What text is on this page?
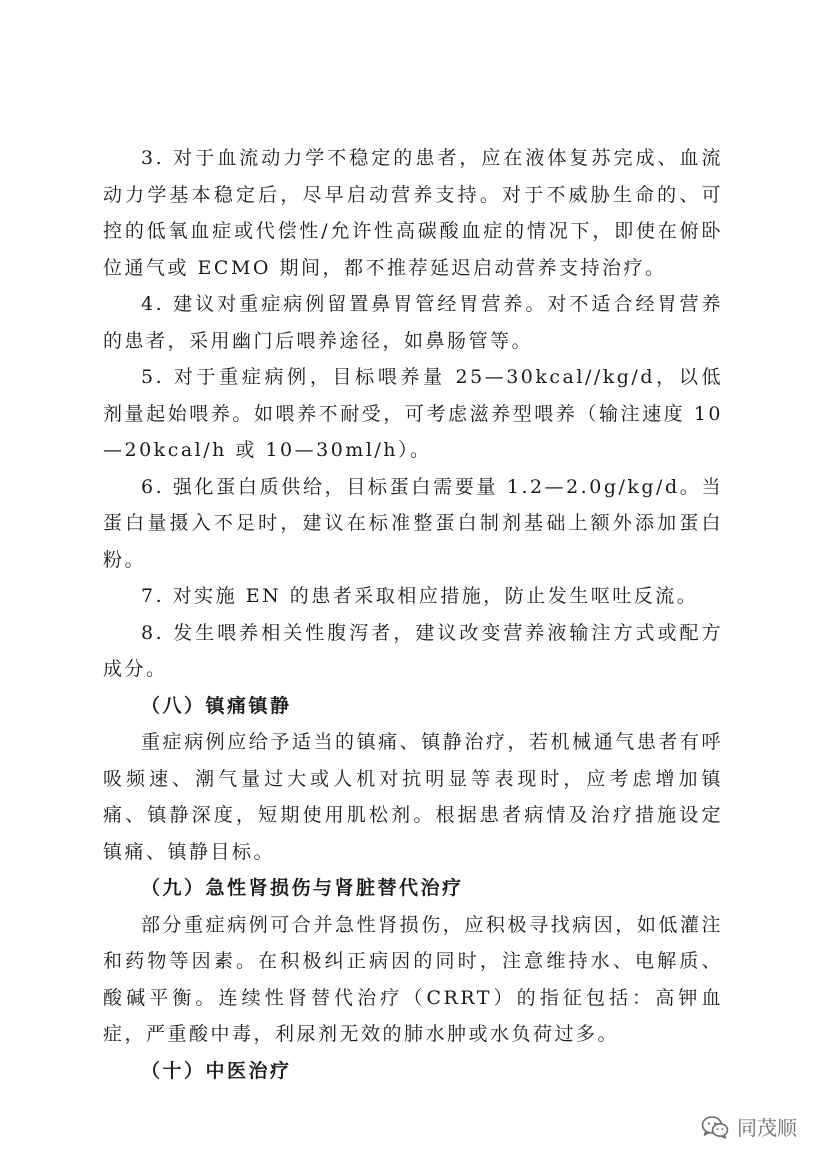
3. 对于血流动力学不稳定的患者，应在液体复苏完成、血流动力学基本稳定后，尽早启动营养支持。对于不威胁生命的、可控的低氧血症或代偿性/允许性高碳酸血症的情况下，即使在俯卧位通气或 ECMO 期间，都不推荐延迟启动营养支持治疗。

4. 建议对重症病例留置鼻胃管经胃营养。对不适合经胃营养的患者，采用幽门后喂养途径，如鼻肠管等。

5. 对于重症病例，目标喂养量 25—30kcal//kg/d，以低剂量起始喂养。如喂养不耐受，可考虑滋养型喂养（输注速度 10—20kcal/h 或 10—30ml/h）。

6. 强化蛋白质供给，目标蛋白需要量 1.2—2.0g/kg/d。当蛋白量摄入不足时，建议在标准整蛋白制剂基础上额外添加蛋白粉。

7. 对实施 EN 的患者采取相应措施，防止发生呕吐反流。

8. 发生喂养相关性腹泻者，建议改变营养液输注方式或配方成分。

（八）镇痛镇静

重症病例应给予适当的镇痛、镇静治疗，若机械通气患者有呼吸频速、潮气量过大或人机对抗明显等表现时，应考虑增加镇痛、镇静深度，短期使用肌松剂。根据患者病情及治疗措施设定镇痛、镇静目标。

（九）急性肾损伤与肾脏替代治疗

部分重症病例可合并急性肾损伤，应积极寻找病因，如低灌注和药物等因素。在积极纠正病因的同时，注意维持水、电解质、酸碱平衡。连续性肾替代治疗（CRRT）的指征包括：高钾血症，严重酸中毒，利尿剂无效的肺水肿或水负荷过多。

（十）中医治疗

同茂顺
